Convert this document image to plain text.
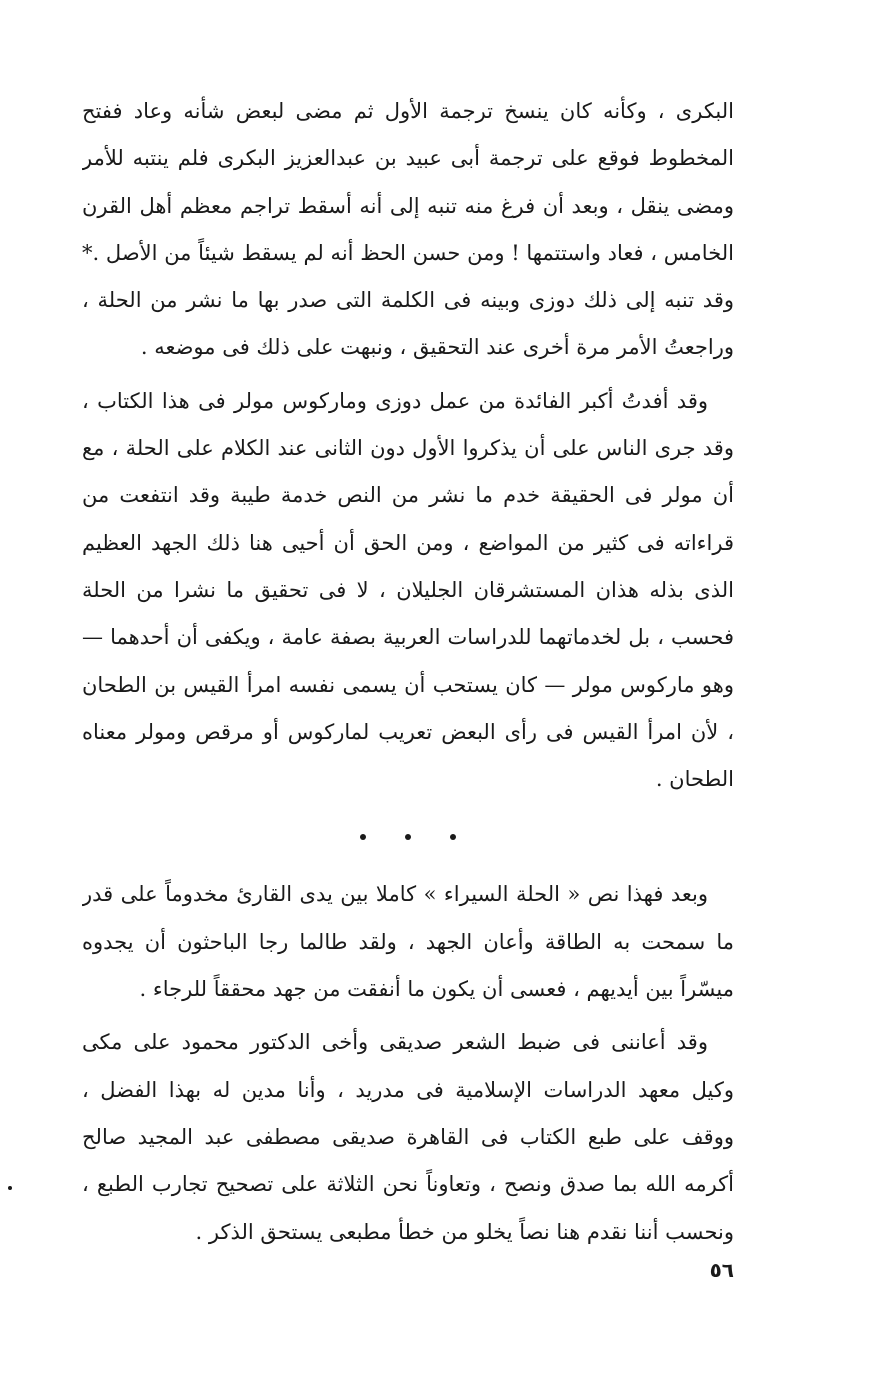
البكرى ، وكأنه كان ينسخ ترجمة الأول ثم مضى لبعض شأنه وعاد ففتح المخطوط فوقع على ترجمة أبى عبيد بن عبدالعزيز البكرى فلم ينتبه للأمر ومضى ينقل ، وبعد أن فرغ منه تنبه إلى أنه أسقط تراجم معظم أهل القرن الخامس ، فعاد واستتمها ! ومن حسن الحظ أنه لم يسقط شيئاً من الأصل .* وقد تنبه إلى ذلك دوزى وبينه فى الكلمة التى صدر بها ما نشر من الحلة ، وراجعتُ الأمر مرة أخرى عند التحقيق ، ونبهت على ذلك فى موضعه .

وقد أفدتُ أكبر الفائدة من عمل دوزى وماركوس مولر فى هذا الكتاب ، وقد جرى الناس على أن يذكروا الأول دون الثانى عند الكلام على الحلة ، مع أن مولر فى الحقيقة خدم ما نشر من النص خدمة طيبة وقد انتفعت من قراءاته فى كثير من المواضع ، ومن الحق أن أحيى هنا ذلك الجهد العظيم الذى بذله هذان المستشرقان الجليلان ، لا فى تحقيق ما نشرا من الحلة فحسب ، بل لخدماتهما للدراسات العربية بصفة عامة ، ويكفى أن أحدهما — وهو ماركوس مولر — كان يستحب أن يسمى نفسه امرأ القيس بن الطحان ، لأن امرأ القيس فى رأى البعض تعريب لماركوس أو مرقص ومولر معناه الطحان .

وبعد فهذا نص « الحلة السيراء » كاملا بين يدى القارئ مخدوماً على قدر ما سمحت به الطاقة وأعان الجهد ، ولقد طالما رجا الباحثون أن يجدوه ميسّراً بين أيديهم ، فعسى أن يكون ما أنفقت من جهد محققاً للرجاء .

وقد أعاننى فى ضبط الشعر صديقى وأخى الدكتور محمود على مكى وكيل معهد الدراسات الإسلامية فى مدريد ، وأنا مدين له بهذا الفضل ، ووقف على طبع الكتاب فى القاهرة صديقى مصطفى عبد المجيد صالح أكرمه الله بما صدق ونصح ، وتعاوناً نحن الثلاثة على تصحيح تجارب الطبع ، ونحسب أننا نقدم هنا نصاً يخلو من خطأ مطبعى يستحق الذكر .

٥٦
